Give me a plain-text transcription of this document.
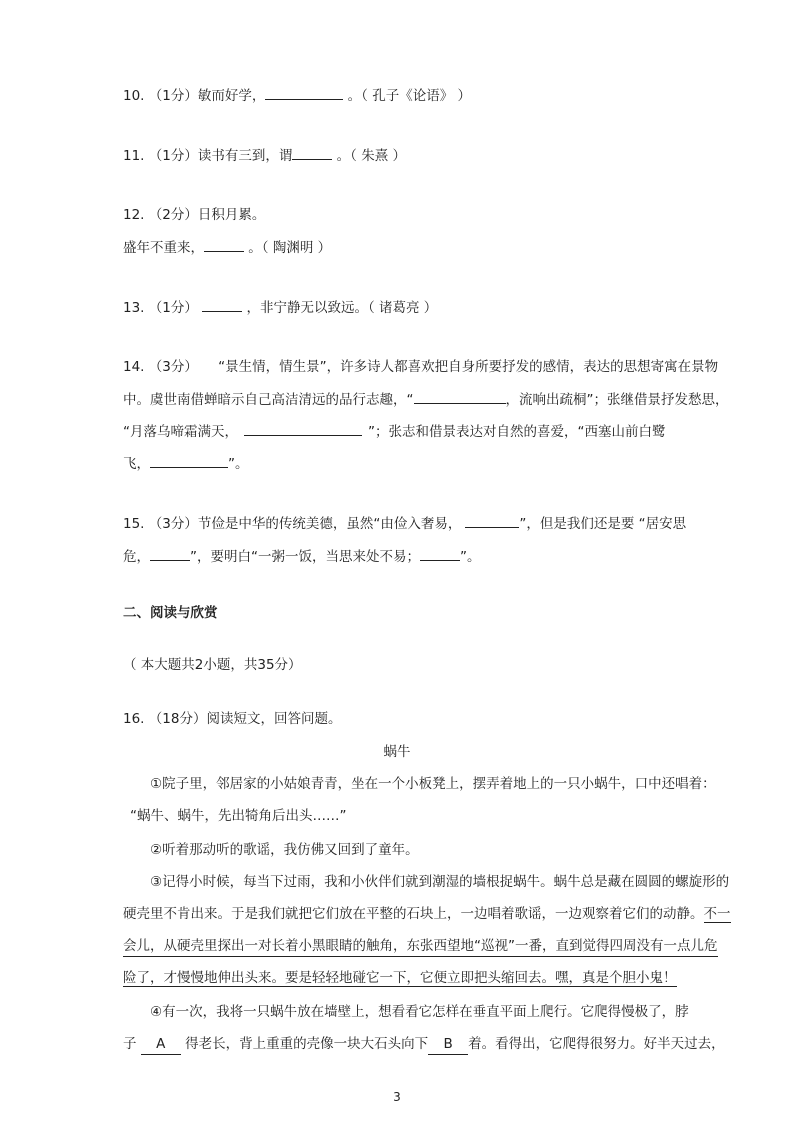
10. （1分）敏而好学，	。（ 孔子《论语》 ）
11. （1分）读书有三到，谓	。（ 朱熹 ）
12. （2分）日积月累。
盛年不重来，	。（ 陶渊明 ）
13. （1分）	，非宁静无以致远。（ 诸葛亮 ）
14. （3分）　　“景生情，情生景”，许多诗人都喜欢把自身所要抒发的感情，表达的思想寄寓在景物
中。虞世南借蝉暗示自己高洁清远的品行志趣，“	，流响出疏桐”；张继借景抒发愁思，
“月落乌啼霜满天，	”；张志和借景表达对自然的喜爱，“西塞山前白鹭
飞，	”。
15. （3分）节俭是中华的传统美德，虽然“由俭入奢易，	”，但是我们还是要 “居安思
危，	”，要明白“一粥一饭，当思来处不易；	”。
二、阅读与欣赏
（ 本大题共2小题，共35分）
16. （18分）阅读短文，回答问题。
蜗牛
①院子里，邻居家的小姑娘青青，坐在一个小板凳上，摆弄着地上的一只小蜗牛，口中还唱着：
“蜗牛、蜗牛，先出犄角后出头……”
②听着那动听的歌谣，我仿佛又回到了童年。
③记得小时候，每当下过雨，我和小伙伴们就到潮湿的墙根捉蜗牛。蜗牛总是藏在圆圆的螺旋形的
硬壳里不肯出来。于是我们就把它们放在平整的石块上，一边唱着歌谣，一边观察着它们的动静。不一
会儿，从硬壳里探出一对长着小黑眼睛的触角，东张西望地“巡视”一番，直到觉得四周没有一点儿危
险了，才慢慢地伸出头来。要是轻轻地碰它一下，它便立即把头缩回去。嘿，真是个胆小鬼！
④有一次，我将一只蜗牛放在墙壁上，想看看它怎样在垂直平面上爬行。它爬得慢极了，脖
子 A 得老长，背上重重的壳像一块大石头向下 B 着。看得出，它爬得很努力。好半天过去，
3
